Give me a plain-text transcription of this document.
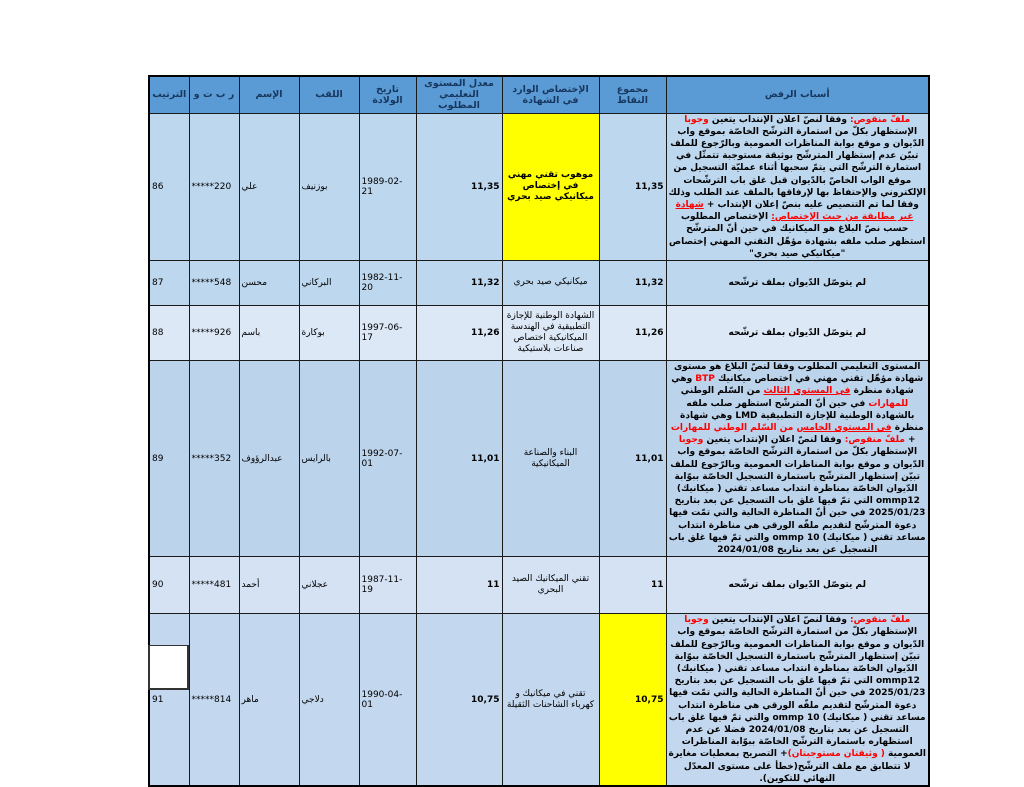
الترتيب	ر ب ت و	الإسم	اللقب	تاريخ الولادة	معدل المستوى التعليمي المطلوب	الإختصاص الوارد في الشهادة	مجموع النقاط	أسباب الرفض
86	*****220	علي	بوزنيف	1989-02-21	11,35	موهوب تقني مهني في إختصاص ميكانيكي صيد بحري	11,35	ملفّ منقوص: وفقا لنصّ اعلان الإنتداب يتعين وجوبا الإستظهار بكلّ من استمارة الترشّح الخاصّة بموقع واب الدّيوان و موقع بوابة المناظرات العمومية وبالرّجوع للملف تبيّن عدم إستظهار المترشّح بوثيقة مستوجبة تتمثّل في استمارة الترشّح التي يتمّ سحبها أثناء عمليّة التسجيل من موقع الواب الخاصّ بالدّيوان قبل غلق باب الترشّحات الإلكتروني والإحتفاظ بها لإرفاقها بالملف عند الطلب وذلك وفقا لما تم التنصيص عليه بنصّ إعلان الإنتداب + شهادة غير مطابقة من حيث الإختصاص: الإختصاص المطلوب حسب نصّ البلاغ هو الميكانيك في حين أنّ المترشّح استظهر صلب ملفه بشهادة مؤهّل التقني المهني إختصاص "ميكانيكي صيد بحري"
87	*****548	محسن	البركاني	1982-11-20	11,32	ميكانيكي صيد بحري	11,32	لم يتوصّل الدّيوان بملف ترشّحه
88	*****926	باسم	بوكارة	1997-06-17	11,26	الشهادة الوطنية للإجازة التطبيقية في الهندسة الميكانيكية اختصاص صناعات بلاستيكية	11,26	لم يتوصّل الدّيوان بملف ترشّحه
89	*****352	عبدالرؤوف	بالرايس	1992-07-01	11,01	البناء والصناعة الميكانيكية	11,01	المستوى التعليمي المطلوب وفقا لنصّ البلاغ هو مستوى شهادة مؤهّل تقني مهني في اختصاص ميكانيك BTP وهي شهادة منظرة في المستوى الثالث من السّلم الوطني للمهارات في حين أنّ المترشّح استظهر صلب ملفه بالشهادة الوطنية للإجازة التطبيقية LMD وهي شهادة منظرة في المستوى الخامس من السّلم الوطني للمهارات + ملفّ منقوص: وفقا لنصّ اعلان الإنتداب يتعين وجوبا الإستظهار بكلّ من استمارة الترشّح الخاصّة بموقع واب الدّيوان و موقع بوابة المناظرات العمومية وبالرّجوع للملف تبيّن إستظهار المترشّح باستمارة التسجيل الخاصّة ببوّابة الدّيوان الخاصّة بمناظرة انتداب مساعد تقني ( ميكانيك) ommp12 التي تمّ فيها غلق باب التسجيل عن بعد بتاريخ 2025/01/23 في حين أنّ المناظرة الحالية والتي تمّت فيها دعوة المترشّح لتقديم ملفّه الورقي هي مناظرة انتداب مساعد تقني ( ميكانيك) ommp 10 والتي تمّ فيها غلق باب التسجيل عن بعد بتاريخ 2024/01/08
90	*****481	أحمد	عجلاني	1987-11-19	11	تقني الميكانيك الصيد البحري	11	لم يتوصّل الدّيوان بملف ترشّحه
91	*****814	ماهر	دلاجي	1990-04-01	10,75	تقني في ميكانيك و كهرباء الشاحنات الثقيلة	10,75	ملفّ منقوص: وفقا لنصّ اعلان الإنتداب يتعين وجوبا الإستظهار بكلّ من استمارة الترشّح الخاصّة بموقع واب الدّيوان و موقع بوابة المناظرات العمومية وبالرّجوع للملف تبيّن إستظهار المترشّح باستمارة التسجيل الخاصّة ببوّابة الدّيوان الخاصّة بمناظرة انتداب مساعد تقني ( ميكانيك) ommp12 التي تمّ فيها غلق باب التسجيل عن بعد بتاريخ 2025/01/23 في حين أنّ المناظرة الحالية والتي تمّت فيها دعوة المترشّح لتقديم ملفّه الورقي هي مناظرة انتداب مساعد تقني ( ميكانيك) ommp 10 والتي تمّ فيها غلق باب التسجيل عن بعد بتاريخ 2024/01/08 فضلا عن عدم استظهاره باستمارة الترشّح الخاصّة ببوّابة المناظرات العمومية ( وثيقتان مستوجبتان)+ التصريح بمعطيات مغايرة لا تتطابق مع ملف الترشّح(خطأ على مستوى المعدّل النهائي للتكوين).
